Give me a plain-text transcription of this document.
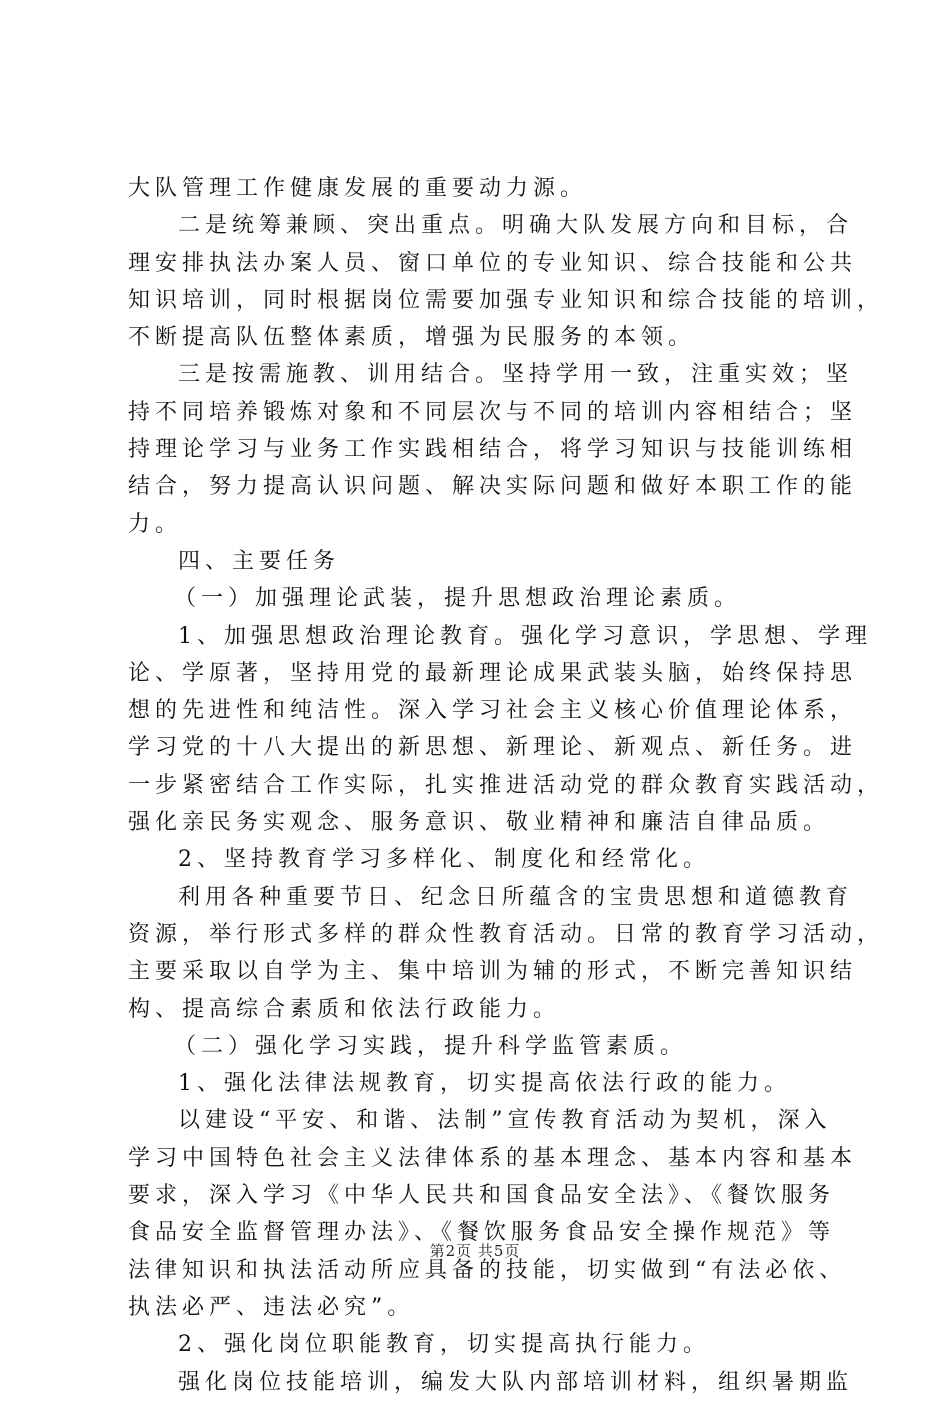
大队管理工作健康发展的重要动力源。
二是统筹兼顾、突出重点。明确大队发展方向和目标，合
理安排执法办案人员、窗口单位的专业知识、综合技能和公共
知识培训，同时根据岗位需要加强专业知识和综合技能的培训，
不断提高队伍整体素质，增强为民服务的本领。
三是按需施教、训用结合。坚持学用一致，注重实效；坚
持不同培养锻炼对象和不同层次与不同的培训内容相结合；坚
持理论学习与业务工作实践相结合，将学习知识与技能训练相
结合，努力提高认识问题、解决实际问题和做好本职工作的能
力。
四、主要任务
（一）加强理论武装，提升思想政治理论素质。
1、加强思想政治理论教育。强化学习意识，学思想、学理
论、学原著，坚持用党的最新理论成果武装头脑，始终保持思
想的先进性和纯洁性。深入学习社会主义核心价值理论体系，
学习党的十八大提出的新思想、新理论、新观点、新任务。进
一步紧密结合工作实际，扎实推进活动党的群众教育实践活动，
强化亲民务实观念、服务意识、敬业精神和廉洁自律品质。
2、坚持教育学习多样化、制度化和经常化。
利用各种重要节日、纪念日所蕴含的宝贵思想和道德教育
资源，举行形式多样的群众性教育活动。日常的教育学习活动，
主要采取以自学为主、集中培训为辅的形式，不断完善知识结
构、提高综合素质和依法行政能力。
（二）强化学习实践，提升科学监管素质。
1、强化法律法规教育，切实提高依法行政的能力。
以建设“平安、和谐、法制”宣传教育活动为契机，深入
学习中国特色社会主义法律体系的基本理念、基本内容和基本
要求，深入学习《中华人民共和国食品安全法》、《餐饮服务
食品安全监督管理办法》、《餐饮服务食品安全操作规范》等
法律知识和执法活动所应具备的技能，切实做到“有法必依、
执法必严、违法必究”。
2、强化岗位职能教育，切实提高执行能力。
强化岗位技能培训，编发大队内部培训材料，组织暑期监
第2页 共5页
